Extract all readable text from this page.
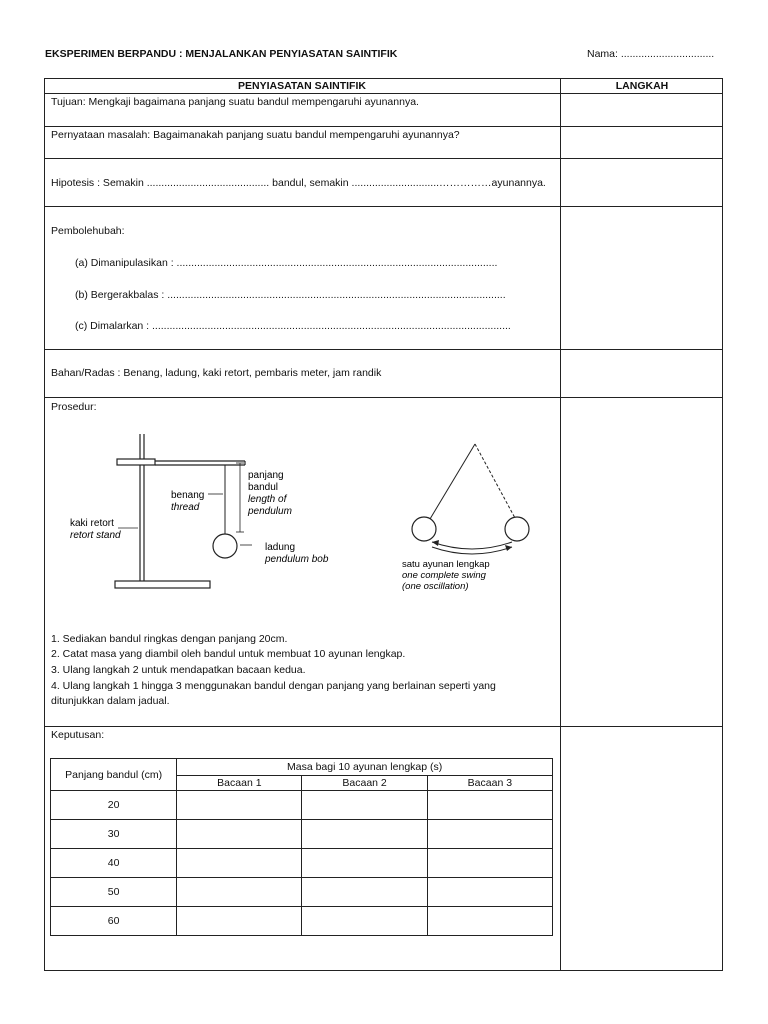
EKSPERIMEN BERPANDU : MENJALANKAN PENYIASATAN SAINTIFIK	Nama: ................................
PENYIASATAN SAINTIFIK	LANGKAH
Tujuan: Mengkaji bagaimana panjang suatu bandul mempengaruhi ayunannya.
Pernyataan masalah: Bagaimanakah panjang suatu bandul mempengaruhi ayunannya?
Hipotesis : Semakin .......................................... bandul, semakin ..............................……………ayunannya.
Pembolehubah:
(a) Dimanipulasikan : ..............................................................................................................
(b) Bergerakbalas : ....................................................................................................................
(c) Dimalarkan : ...........................................................................................................................
Bahan/Radas : Benang, ladung, kaki retort, pembaris meter, jam randik
Prosedur:
benang
thread
kaki retort
retort stand
panjang
bandul
length of
pendulum
ladung
pendulum bob	satu ayunan lengkap
one complete swing
(one oscillation)
1. Sediakan bandul ringkas dengan panjang 20cm.
2. Catat masa yang diambil oleh bandul untuk membuat 10 ayunan lengkap.
3. Ulang langkah 2 untuk mendapatkan bacaan kedua.
4. Ulang langkah 1 hingga 3 menggunakan bandul dengan panjang yang berlainan seperti yang
ditunjukkan dalam jadual.
Keputusan:
Panjang bandul (cm)	Masa bagi 10 ayunan lengkap (s)		
	Bacaan 1	Bacaan 2	Bacaan 3
20			
30			
40			
50			
60			
